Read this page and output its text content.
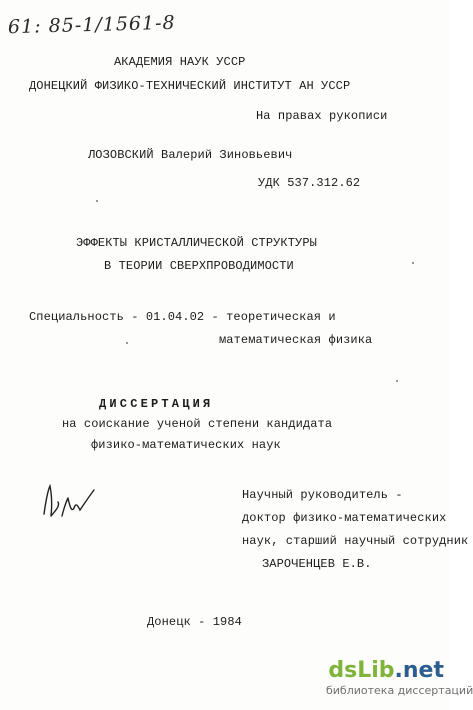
61: 85-1/1561-8
АКАДЕМИЯ НАУК УССР
ДОНЕЦКИЙ ФИЗИКО-ТЕХНИЧЕСКИЙ ИНСТИТУТ АН УССР
На правах рукописи
ЛОЗОВСКИЙ Валерий Зиновьевич
УДК 537.312.62
ЭФФЕКТЫ КРИСТАЛЛИЧЕСКОЙ СТРУКТУРЫ
В ТЕОРИИ СВЕРХПРОВОДИМОСТИ
Специальность - 01.04.02 - теоретическая и
математическая физика
ДИССЕРТАЦИЯ
на соискание ученой степени кандидата
физико-математических наук
Научный руководитель -
доктор физико-математических
наук, старший научный сотрудник
ЗАРОЧЕНЦЕВ Е.В.
Донецк - 1984
dsLib.net
библиотека диссертаций
